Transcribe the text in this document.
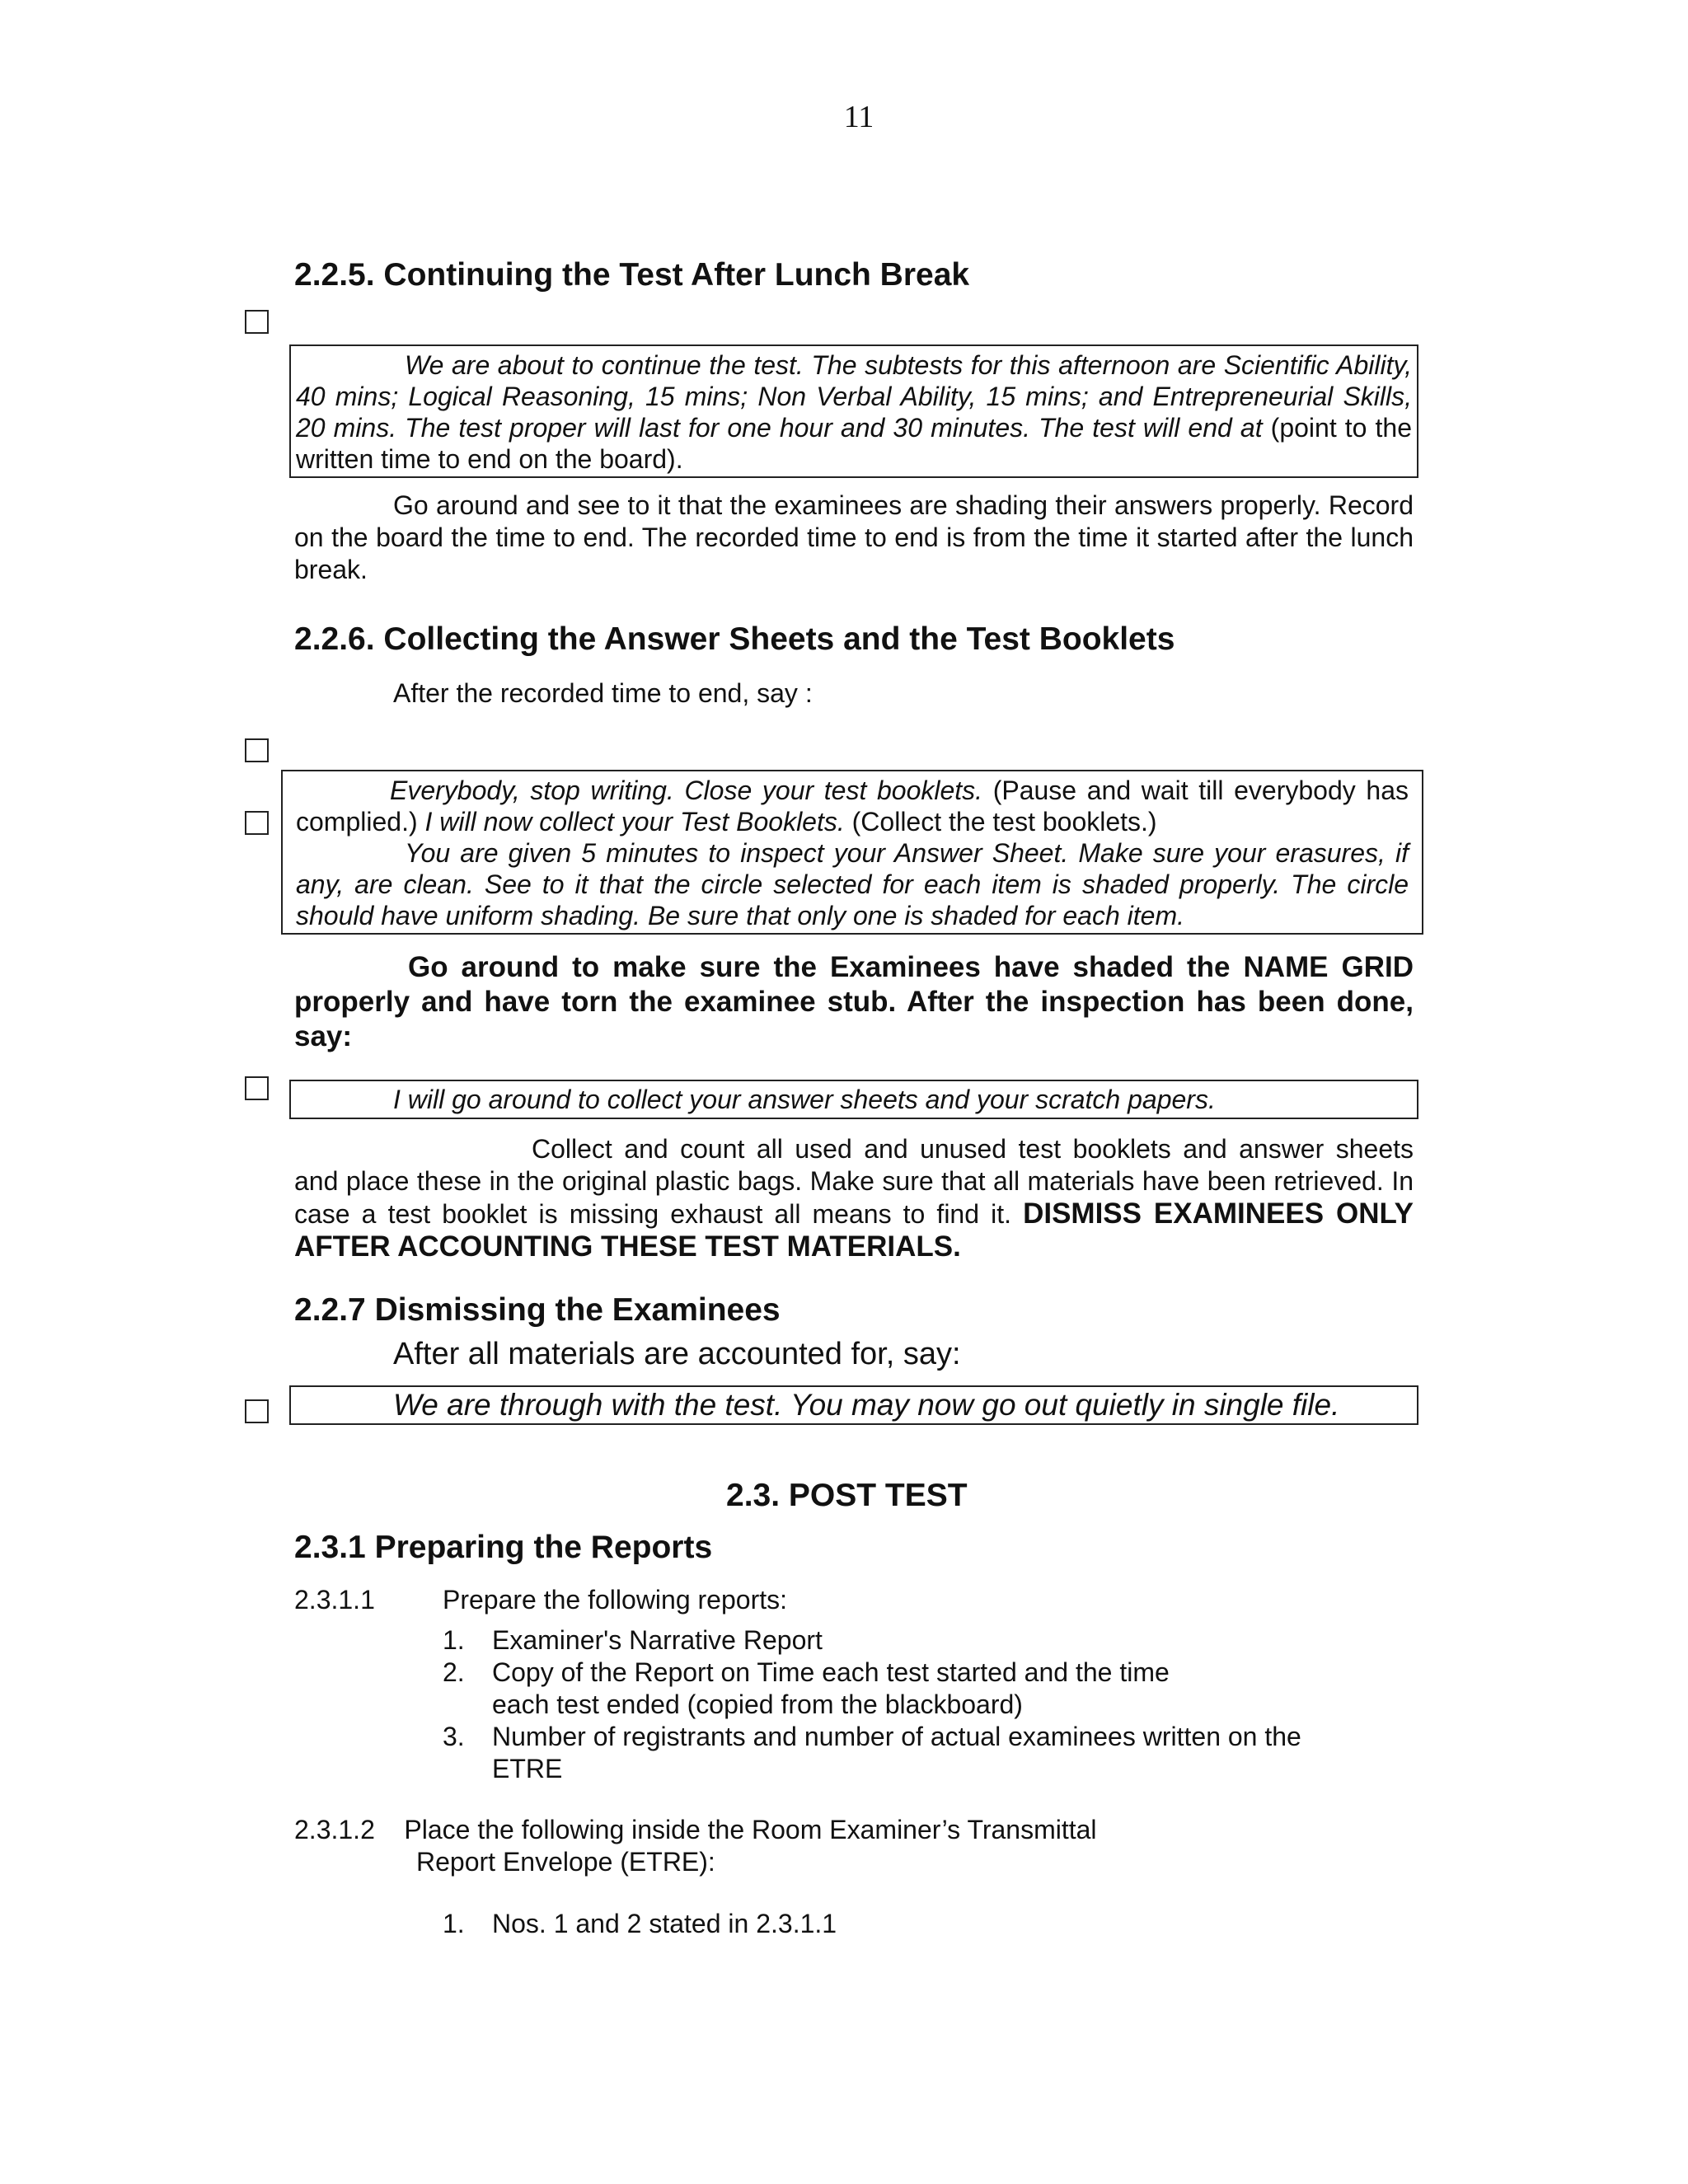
11
2.2.5. Continuing the Test After Lunch Break
We are about to continue the test. The subtests for this afternoon are Scientific Ability, 40 mins; Logical Reasoning, 15 mins; Non Verbal Ability, 15 mins; and Entrepreneurial Skills, 20 mins. The test proper will last for one hour and 30 minutes. The test will end at (point to the written time to end on the board).

Go around and see to it that the examinees are shading their answers properly. Record on the board the time to end. The recorded time to end is from the time it started after the lunch break.

2.2.6. Collecting the Answer Sheets and the Test Booklets

After the recorded time to end, say :

Everybody, stop writing. Close your test booklets. (Pause and wait till everybody has complied.) I will now collect your Test Booklets. (Collect the test booklets.)
You are given 5 minutes to inspect your Answer Sheet. Make sure your erasures, if any, are clean. See to it that the circle selected for each item is shaded properly. The circle should have uniform shading. Be sure that only one is shaded for each item.

Go around to make sure the Examinees have shaded the NAME GRID properly and have torn the examinee stub. After the inspection has been done, say:

I will go around to collect your answer sheets and your scratch papers.

Collect and count all used and unused test booklets and answer sheets and place these in the original plastic bags. Make sure that all materials have been retrieved. In case a test booklet is missing exhaust all means to find it. DISMISS EXAMINEES ONLY AFTER ACCOUNTING THESE TEST MATERIALS.

2.2.7 Dismissing the Examinees

After all materials are accounted for, say:

We are through with the test. You may now go out quietly in single file.
2.3. POST TEST
2.3.1 Preparing the Reports

2.3.1.1	Prepare the following reports:

1. Examiner's Narrative Report
2. Copy of the Report on Time each test started and the time each test ended (copied from the blackboard)
3. Number of registrants and number of actual examinees written on the ETRE

2.3.1.2    Place the following inside the Room Examiner’s Transmittal

Report Envelope (ETRE):

1. Nos. 1 and 2 stated in 2.3.1.1
